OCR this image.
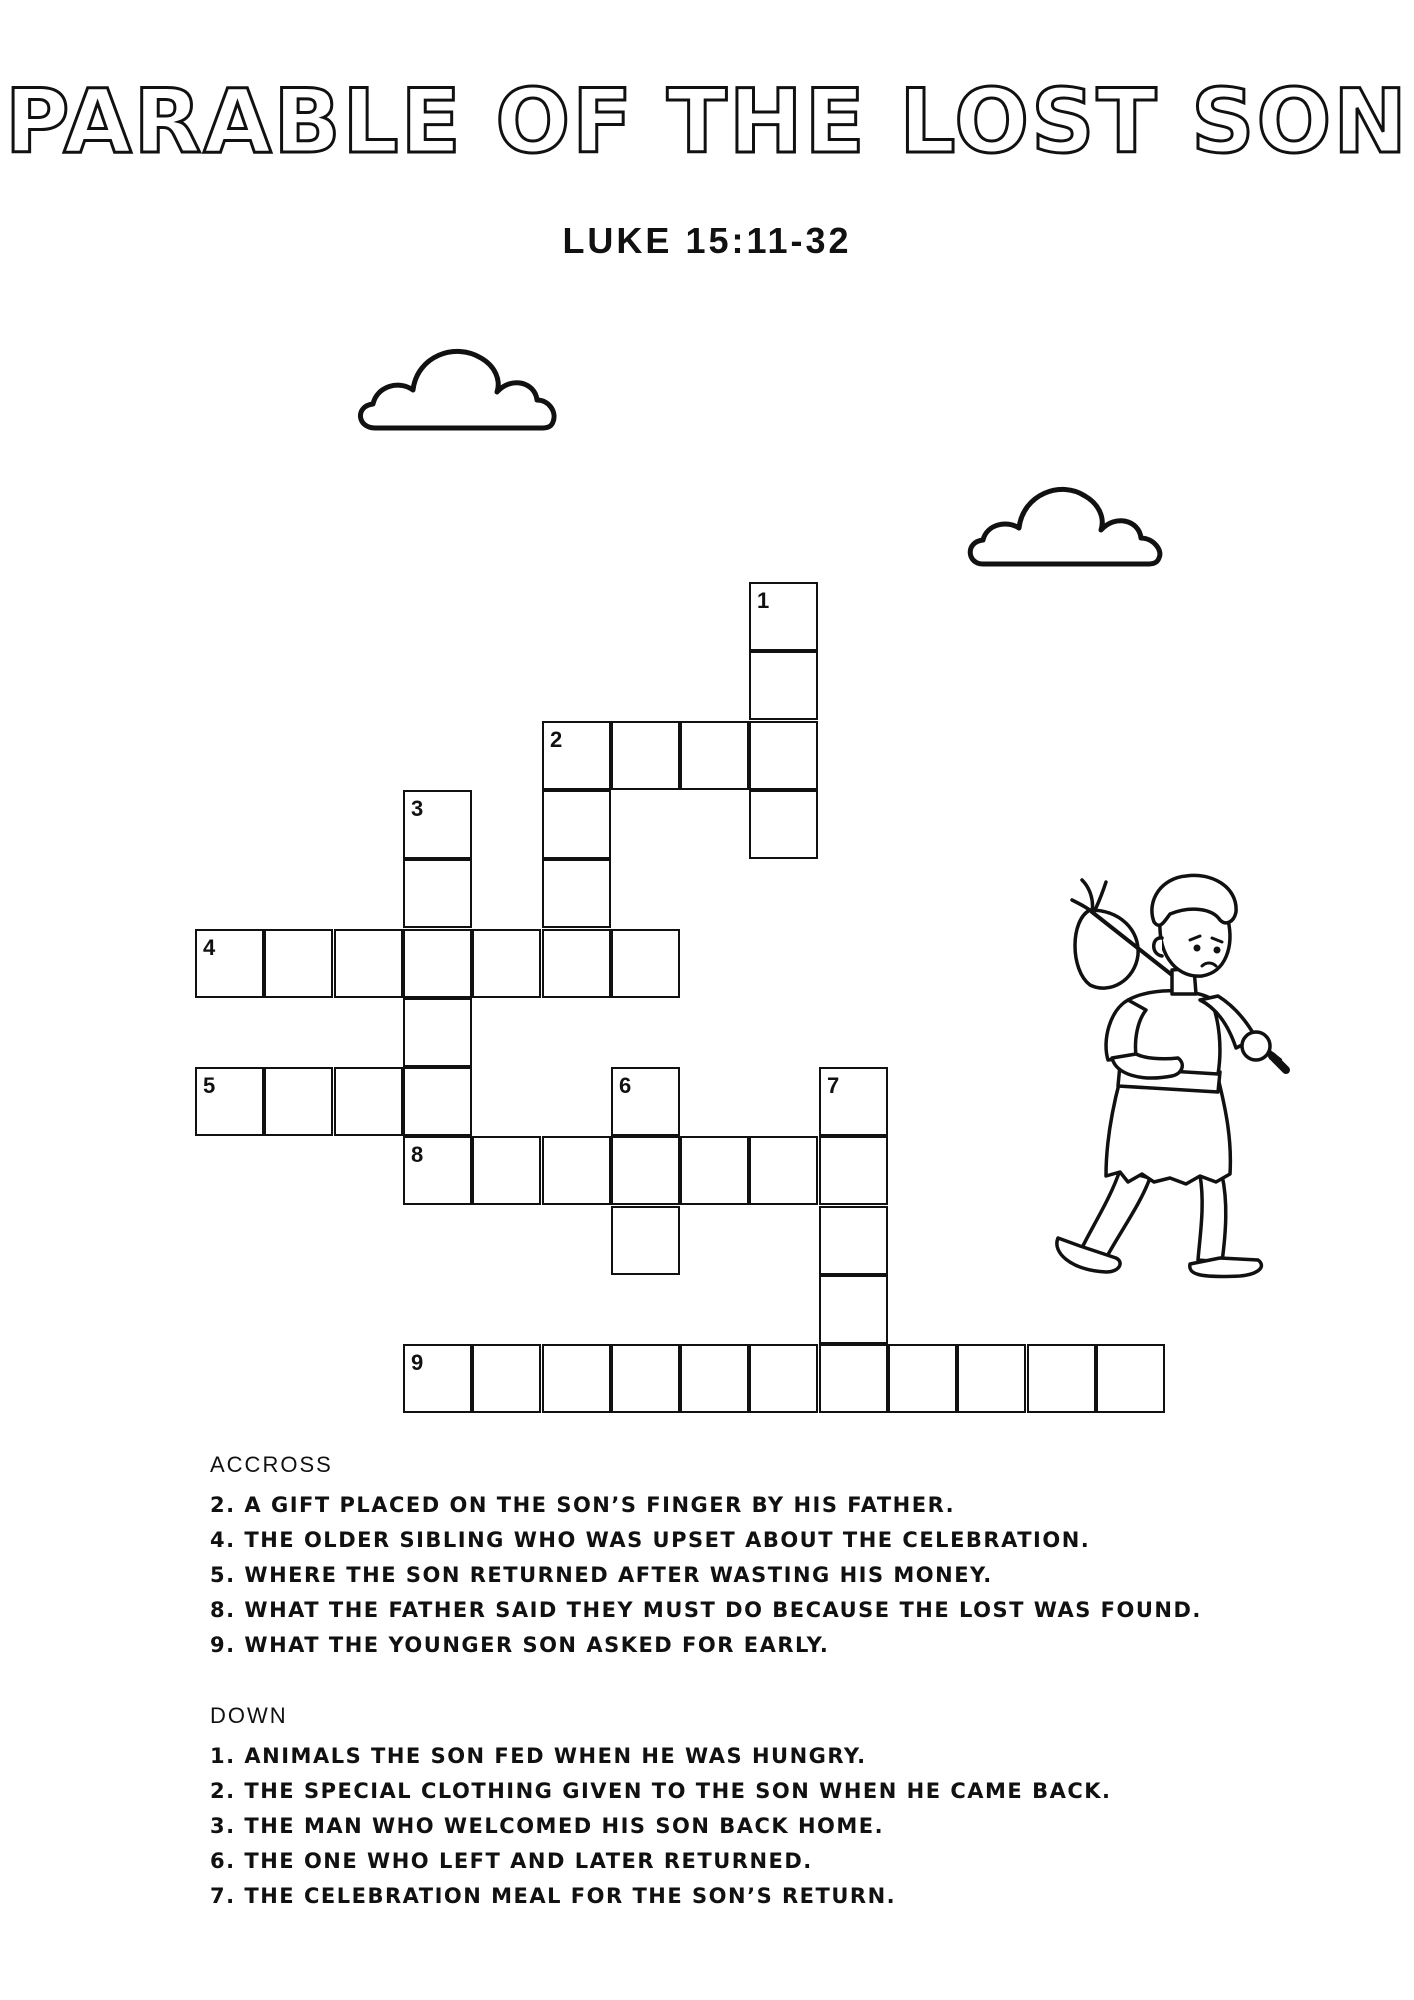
PARABLE OF THE LOST SON
LUKE 15:11-32
1
2
3
4
5	6	7
8
9

ACCROSS

2. A GIFT PLACED ON THE SON’S FINGER BY HIS FATHER.
4. THE OLDER SIBLING WHO WAS UPSET ABOUT THE CELEBRATION.
5. WHERE THE SON RETURNED AFTER WASTING HIS MONEY.
8. WHAT THE FATHER SAID THEY MUST DO BECAUSE THE LOST WAS FOUND.
9. WHAT THE YOUNGER SON ASKED FOR EARLY.

DOWN

1. ANIMALS THE SON FED WHEN HE WAS HUNGRY.
2. THE SPECIAL CLOTHING GIVEN TO THE SON WHEN HE CAME BACK.
3. THE MAN WHO WELCOMED HIS SON BACK HOME.
6. THE ONE WHO LEFT AND LATER RETURNED.
7. THE CELEBRATION MEAL FOR THE SON’S RETURN.
